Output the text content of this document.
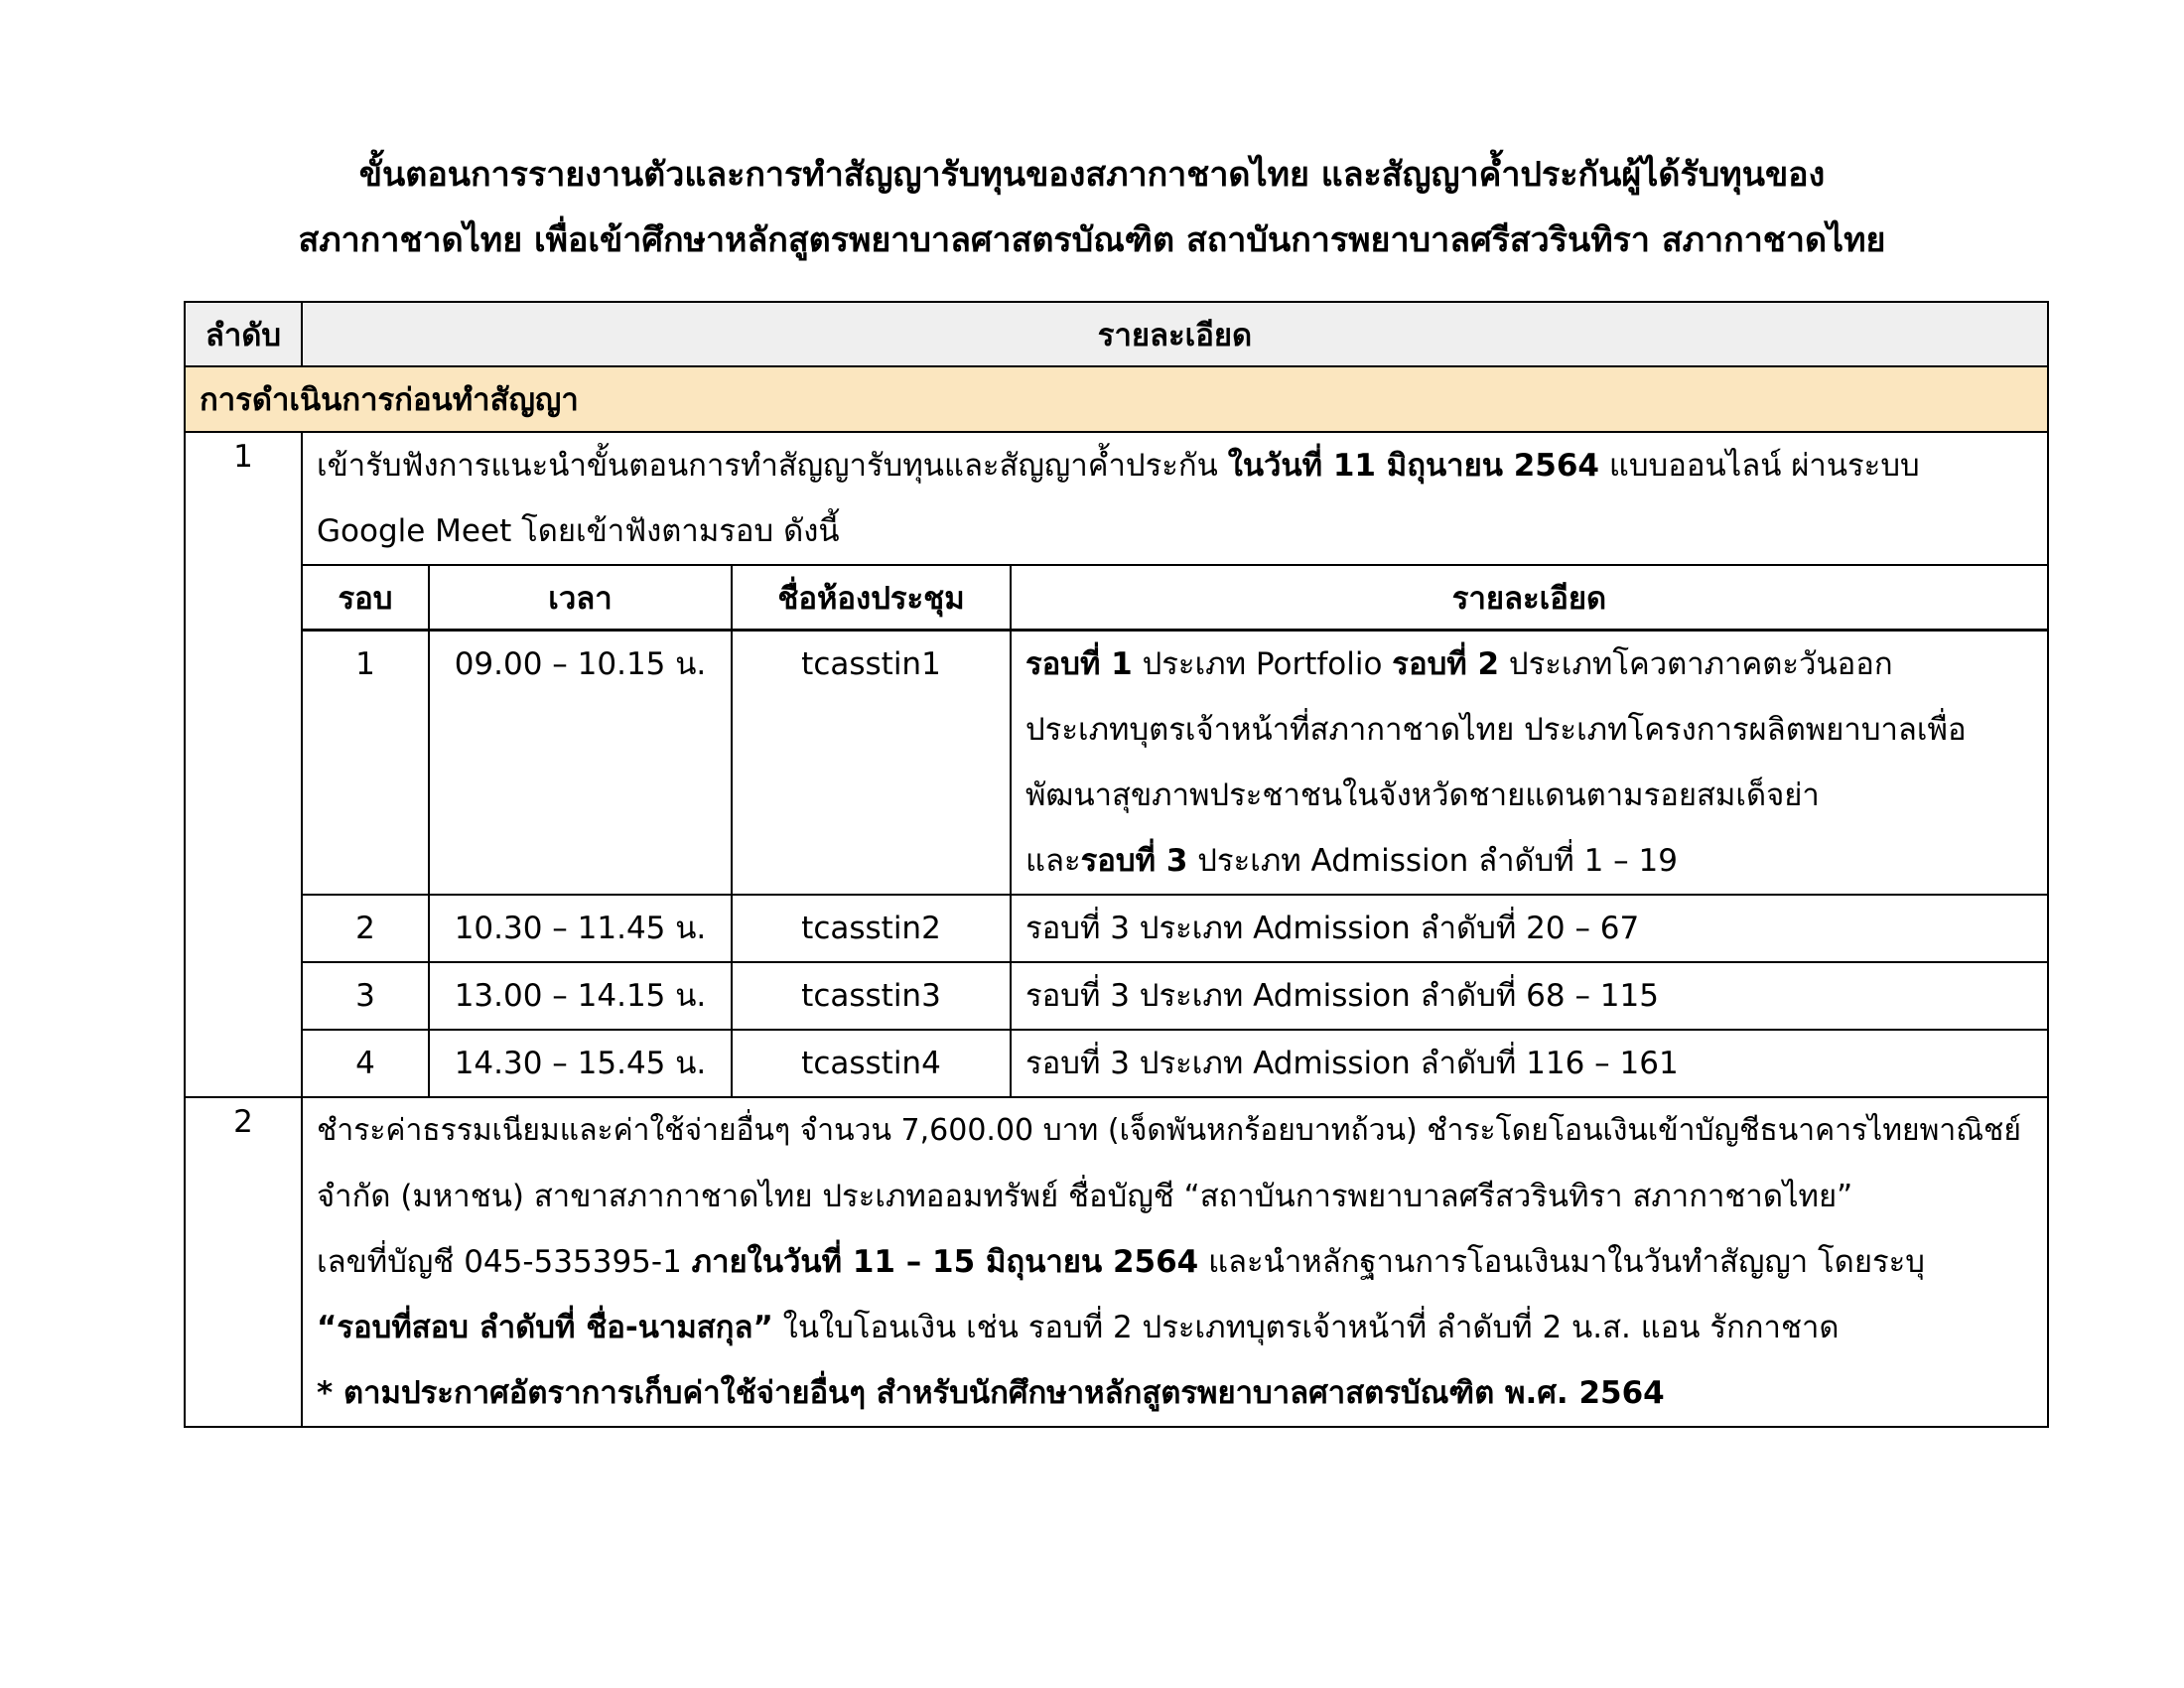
ขั้นตอนการรายงานตัวและการทำสัญญารับทุนของสภากาชาดไทย และสัญญาค้ำประกันผู้ได้รับทุนของ
สภากาชาดไทย เพื่อเข้าศึกษาหลักสูตรพยาบาลศาสตรบัณฑิต สถาบันการพยาบาลศรีสวรินทิรา สภากาชาดไทย
ลำดับ	รายละเอียด
การดำเนินการก่อนทำสัญญา
1	เข้ารับฟังการแนะนำขั้นตอนการทำสัญญารับทุนและสัญญาค้ำประกัน ในวันที่ 11 มิถุนายน 2564 แบบออนไลน์ ผ่านระบบ
Google Meet โดยเข้าฟังตามรอบ ดังนี้
รอบ	เวลา	ชื่อห้องประชุม	รายละเอียด
1	09.00 – 10.15 น.	tcasstin1	รอบที่ 1 ประเภท Portfolio รอบที่ 2 ประเภทโควตาภาคตะวันออก
ประเภทบุตรเจ้าหน้าที่สภากาชาดไทย ประเภทโครงการผลิตพยาบาลเพื่อ
พัฒนาสุขภาพประชาชนในจังหวัดชายแดนตามรอยสมเด็จย่า
และรอบที่ 3 ประเภท Admission ลำดับที่ 1 – 19

2	10.30 – 11.45 น.	tcasstin2	รอบที่ 3 ประเภท Admission ลำดับที่ 20 – 67

3	13.00 – 14.15 น.	tcasstin3	รอบที่ 3 ประเภท Admission ลำดับที่ 68 – 115

4	14.30 – 15.45 น.	tcasstin4	รอบที่ 3 ประเภท Admission ลำดับที่ 116 – 161

2	ชำระค่าธรรมเนียมและค่าใช้จ่ายอื่นๆ จำนวน 7,600.00 บาท (เจ็ดพันหกร้อยบาทถ้วน) ชำระโดยโอนเงินเข้าบัญชีธนาคารไทยพาณิชย์
จำกัด (มหาชน) สาขาสภากาชาดไทย ประเภทออมทรัพย์ ชื่อบัญชี “สถาบันการพยาบาลศรีสวรินทิรา สภากาชาดไทย”
เลขที่บัญชี 045-535395-1 ภายในวันที่ 11 – 15 มิถุนายน 2564 และนำหลักฐานการโอนเงินมาในวันทำสัญญา โดยระบุ
“รอบที่สอบ ลำดับที่ ชื่อ-นามสกุล” ในใบโอนเงิน เช่น รอบที่ 2 ประเภทบุตรเจ้าหน้าที่ ลำดับที่ 2 น.ส. แอน รักกาชาด
* ตามประกาศอัตราการเก็บค่าใช้จ่ายอื่นๆ สำหรับนักศึกษาหลักสูตรพยาบาลศาสตรบัณฑิต พ.ศ. 2564
